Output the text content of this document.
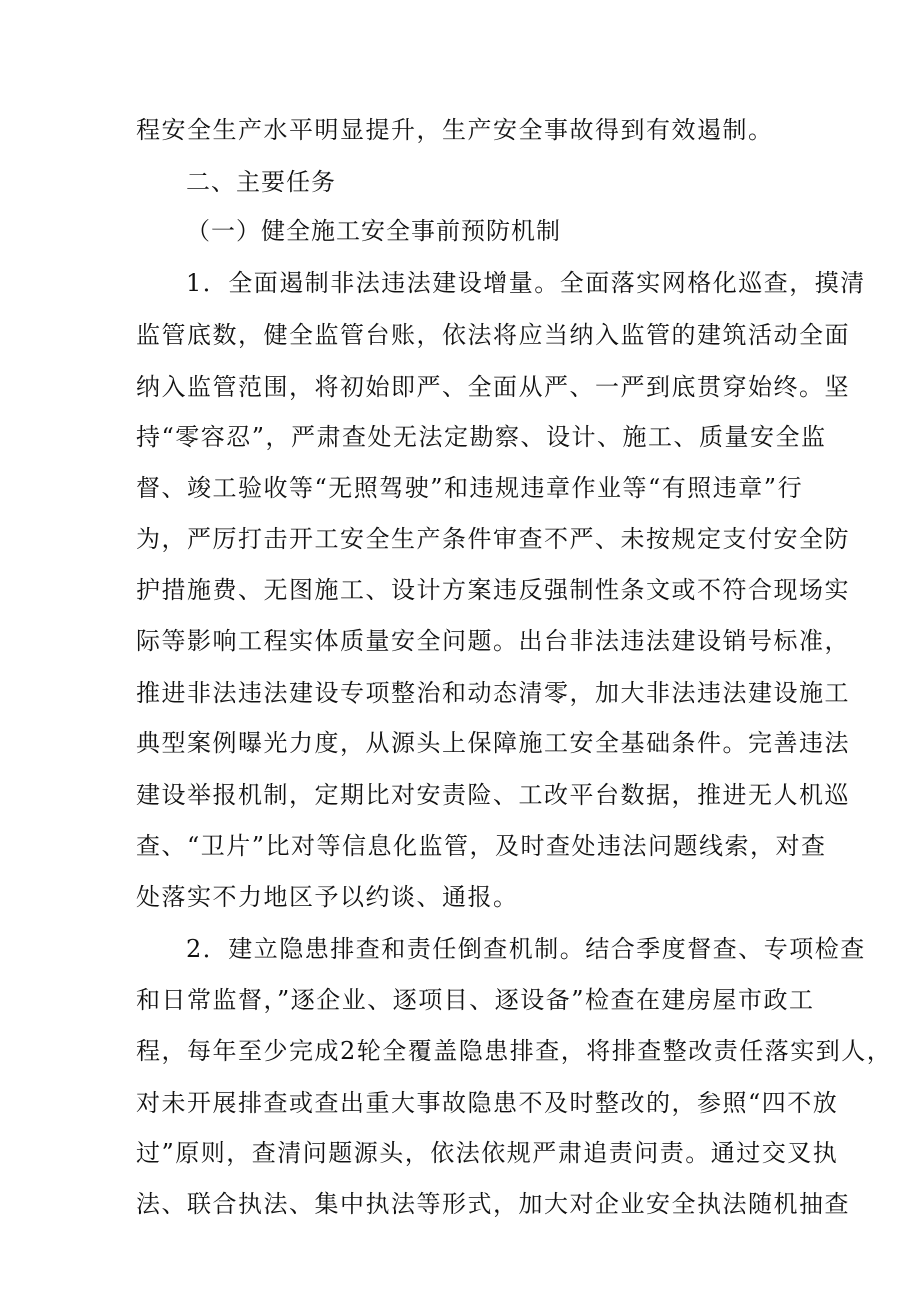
程安全生产水平明显提升，生产安全事故得到有效遏制。
二、主要任务
（一）健全施工安全事前预防机制
1．全面遏制非法违法建设增量。全面落实网格化巡查，摸清
监管底数，健全监管台账，依法将应当纳入监管的建筑活动全面
纳入监管范围，将初始即严、全面从严、一严到底贯穿始终。坚
持“零容忍”，严肃查处无法定勘察、设计、施工、质量安全监
督、竣工验收等“无照驾驶”和违规违章作业等“有照违章”行
为，严厉打击开工安全生产条件审查不严、未按规定支付安全防
护措施费、无图施工、设计方案违反强制性条文或不符合现场实
际等影响工程实体质量安全问题。出台非法违法建设销号标准，
推进非法违法建设专项整治和动态清零，加大非法违法建设施工
典型案例曝光力度，从源头上保障施工安全基础条件。完善违法
建设举报机制，定期比对安责险、工改平台数据，推进无人机巡
查、“卫片”比对等信息化监管，及时查处违法问题线索，对查
处落实不力地区予以约谈、通报。
2．建立隐患排查和责任倒查机制。结合季度督查、专项检查
和日常监督，”逐企业、逐项目、逐设备”检查在建房屋市政工
程，每年至少完成2轮全覆盖隐患排查，将排查整改责任落实到人，
对未开展排查或查出重大事故隐患不及时整改的，参照“四不放
过”原则，查清问题源头，依法依规严肃追责问责。通过交叉执
法、联合执法、集中执法等形式，加大对企业安全执法随机抽查
